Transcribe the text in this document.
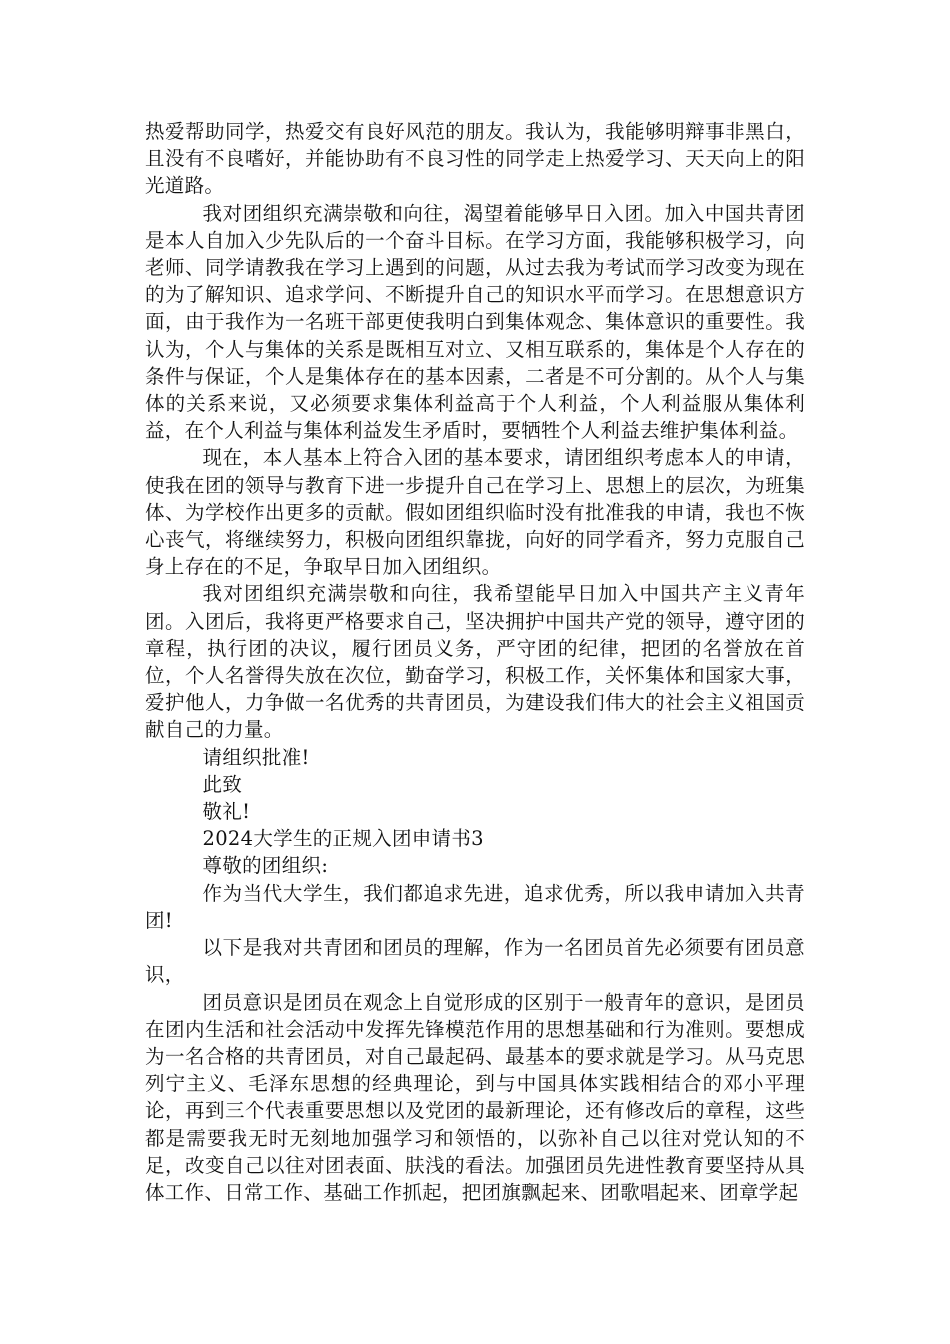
热爱帮助同学，热爱交有良好风范的朋友。我认为，我能够明辩事非黑白，且没有不良嗜好，并能协助有不良习性的同学走上热爱学习、天天向上的阳光道路。

我对团组织充满崇敬和向往，渴望着能够早日入团。加入中国共青团是本人自加入少先队后的一个奋斗目标。在学习方面，我能够积极学习，向老师、同学请教我在学习上遇到的问题，从过去我为考试而学习改变为现在的为了解知识、追求学问、不断提升自己的知识水平而学习。在思想意识方面，由于我作为一名班干部更使我明白到集体观念、集体意识的重要性。我认为，个人与集体的关系是既相互对立、又相互联系的，集体是个人存在的条件与保证，个人是集体存在的基本因素，二者是不可分割的。从个人与集体的关系来说，又必须要求集体利益高于个人利益，个人利益服从集体利益，在个人利益与集体利益发生矛盾时，要牺牲个人利益去维护集体利益。

现在，本人基本上符合入团的基本要求，请团组织考虑本人的申请，使我在团的领导与教育下进一步提升自己在学习上、思想上的层次，为班集体、为学校作出更多的贡献。假如团组织临时没有批准我的申请，我也不恢心丧气，将继续努力，积极向团组织靠拢，向好的同学看齐，努力克服自己身上存在的不足，争取早日加入团组织。

我对团组织充满崇敬和向往，我希望能早日加入中国共产主义青年团。入团后，我将更严格要求自己，坚决拥护中国共产党的领导，遵守团的章程，执行团的决议，履行团员义务，严守团的纪律，把团的名誉放在首位，个人名誉得失放在次位，勤奋学习，积极工作，关怀集体和国家大事，爱护他人，力争做一名优秀的共青团员，为建设我们伟大的社会主义祖国贡献自己的力量。

请组织批准!

此致

敬礼!

2024大学生的正规入团申请书3

尊敬的团组织:

作为当代大学生，我们都追求先进，追求优秀，所以我申请加入共青团!

以下是我对共青团和团员的理解，作为一名团员首先必须要有团员意识，

团员意识是团员在观念上自觉形成的区别于一般青年的意识，是团员在团内生活和社会活动中发挥先锋模范作用的思想基础和行为准则。要想成为一名合格的共青团员，对自己最起码、最基本的要求就是学习。从马克思列宁主义、毛泽东思想的经典理论，到与中国具体实践相结合的邓小平理论，再到三个代表重要思想以及党团的最新理论，还有修改后的章程，这些都是需要我无时无刻地加强学习和领悟的，以弥补自己以往对党认知的不足，改变自己以往对团表面、肤浅的看法。加强团员先进性教育要坚持从具体工作、日常工作、基础工作抓起，把团旗飘起来、团歌唱起来、团章学起
